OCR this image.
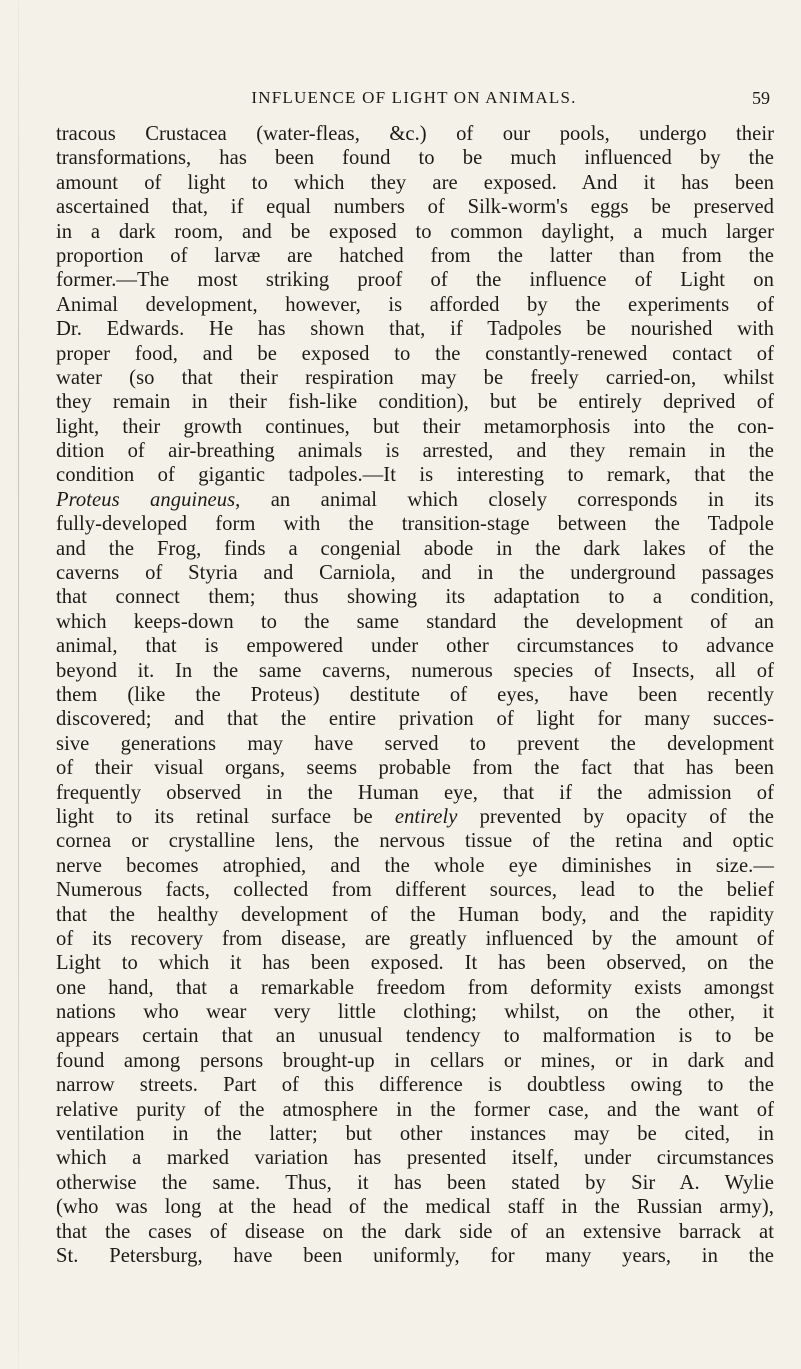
INFLUENCE OF LIGHT ON ANIMALS.	59
tracous Crustacea (water-fleas, &c.) of our pools, undergo their
transformations, has been found to be much influenced by the
amount of light to which they are exposed. And it has been
ascertained that, if equal numbers of Silk-worm's eggs be preserved
in a dark room, and be exposed to common daylight, a much larger
proportion of larvæ are hatched from the latter than from the
former.—The most striking proof of the influence of Light on
Animal development, however, is afforded by the experiments of
Dr. Edwards. He has shown that, if Tadpoles be nourished with
proper food, and be exposed to the constantly-renewed contact of
water (so that their respiration may be freely carried-on, whilst
they remain in their fish-like condition), but be entirely deprived of
light, their growth continues, but their metamorphosis into the con-
dition of air-breathing animals is arrested, and they remain in the
condition of gigantic tadpoles.—It is interesting to remark, that the
Proteus anguineus, an animal which closely corresponds in its
fully-developed form with the transition-stage between the Tadpole
and the Frog, finds a congenial abode in the dark lakes of the
caverns of Styria and Carniola, and in the underground passages
that connect them; thus showing its adaptation to a condition,
which keeps-down to the same standard the development of an
animal, that is empowered under other circumstances to advance
beyond it. In the same caverns, numerous species of Insects, all of
them (like the Proteus) destitute of eyes, have been recently
discovered; and that the entire privation of light for many succes-
sive generations may have served to prevent the development
of their visual organs, seems probable from the fact that has been
frequently observed in the Human eye, that if the admission of
light to its retinal surface be entirely prevented by opacity of the
cornea or crystalline lens, the nervous tissue of the retina and optic
nerve becomes atrophied, and the whole eye diminishes in size.—
Numerous facts, collected from different sources, lead to the belief
that the healthy development of the Human body, and the rapidity
of its recovery from disease, are greatly influenced by the amount of
Light to which it has been exposed. It has been observed, on the
one hand, that a remarkable freedom from deformity exists amongst
nations who wear very little clothing; whilst, on the other, it
appears certain that an unusual tendency to malformation is to be
found among persons brought-up in cellars or mines, or in dark and
narrow streets. Part of this difference is doubtless owing to the
relative purity of the atmosphere in the former case, and the want of
ventilation in the latter; but other instances may be cited, in
which a marked variation has presented itself, under circumstances
otherwise the same. Thus, it has been stated by Sir A. Wylie
(who was long at the head of the medical staff in the Russian army),
that the cases of disease on the dark side of an extensive barrack at
St. Petersburg, have been uniformly, for many years, in the
